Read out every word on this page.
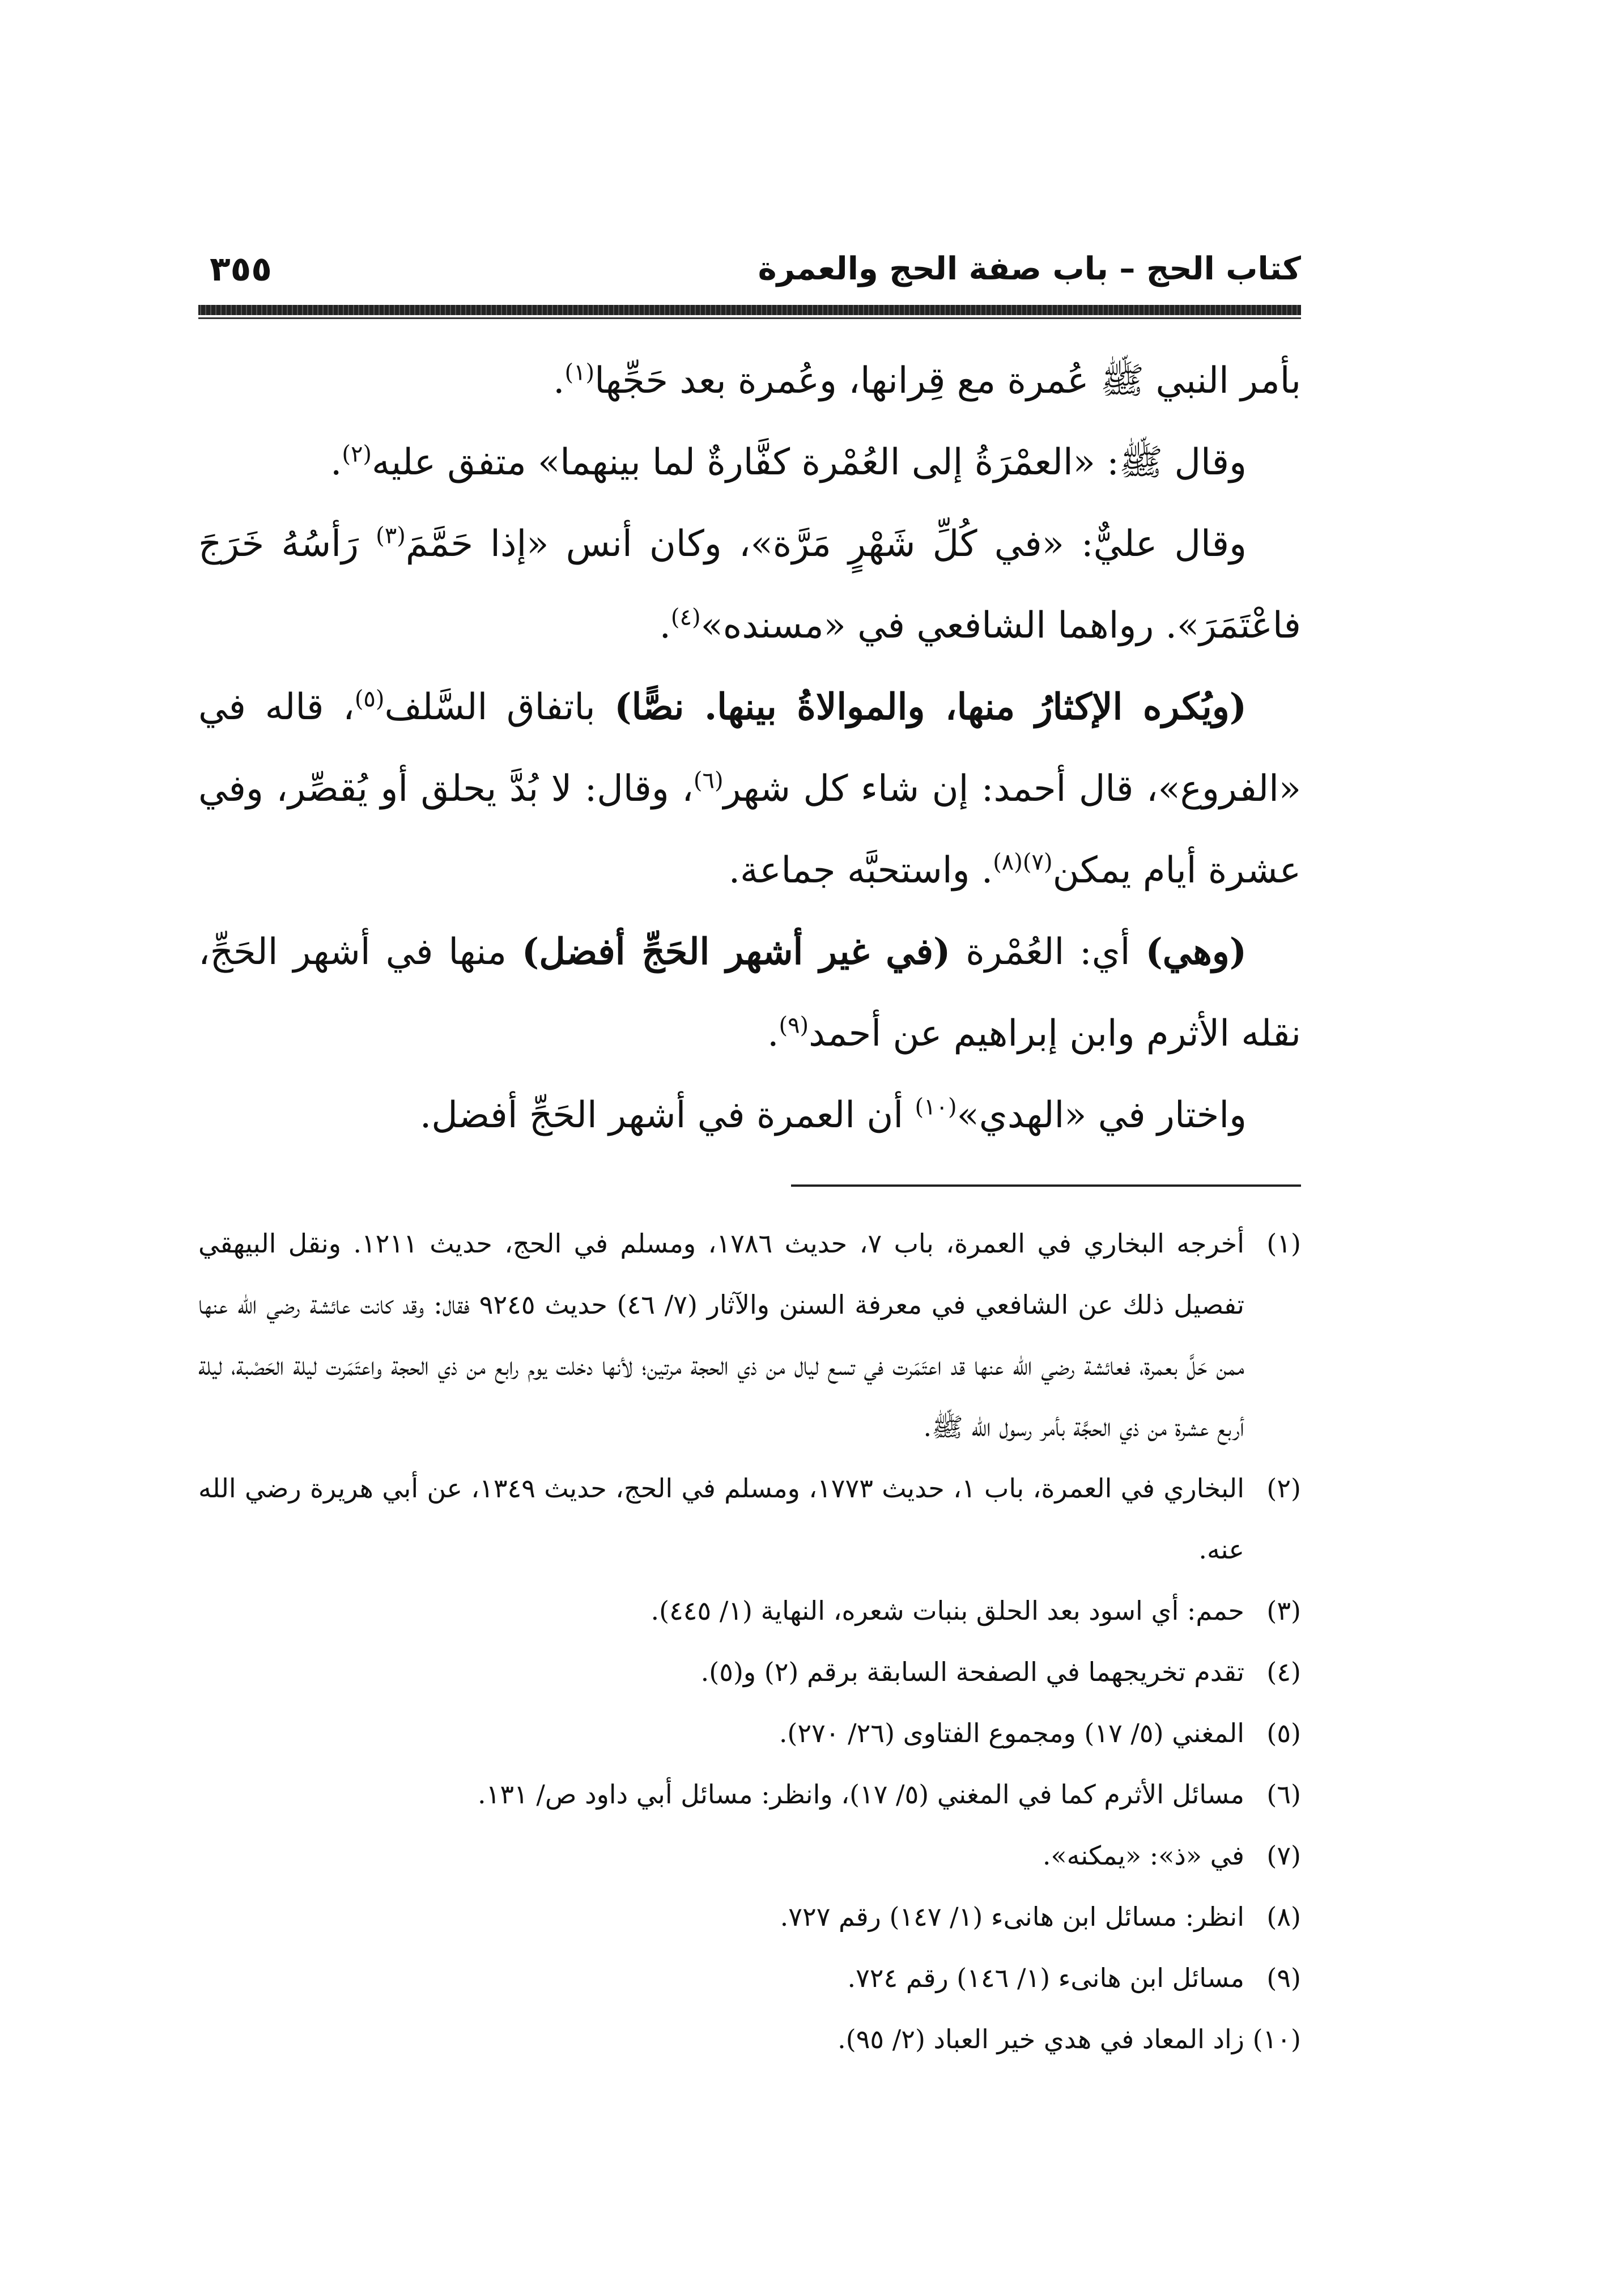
كتاب الحج – باب صفة الحج والعمرة
٣٥٥

بأمر النبي ﷺ عُمرة مع قِرانها، وعُمرة بعد حَجِّها$^{(١)}$.

وقال ﷺ: «العمْرَةُ إلى العُمْرة كفَّارةٌ لما بينهما» متفق عليه$^{(٢)}$.

وقال عليٌّ: «في كُلِّ شَهْرٍ مَرَّة»، وكان أنس «إذا حَمَّمَ$^{(٣)}$ رَأسُهُ خَرَجَ فاعْتَمَرَ». رواهما الشافعي في «مسنده»$^{(٤)}$.

(ويُكره الإكثارُ منها، والموالاةُ بينها. نصًّا) باتفاق السَّلف$^{(٥)}$، قاله في «الفروع»، قال أحمد: إن شاء كل شهر$^{(٦)}$، وقال: لا بُدَّ يحلق أو يُقصِّر، وفي عشرة أيام يمكن$^{(٧)(٨)}$. واستحبَّه جماعة.

(وهي) أي: العُمْرة (في غير أشهر الحَجِّ أفضل) منها في أشهر الحَجِّ، نقله الأثرم وابن إبراهيم عن أحمد$^{(٩)}$.

واختار في «الهدي»$^{(١٠)}$ أن العمرة في أشهر الحَجِّ أفضل.

(١)أخرجه البخاري في العمرة، باب ٧، حديث ١٧٨٦، ومسلم في الحج، حديث ١٢١١. ونقل البيهقي تفصيل ذلك عن الشافعي في معرفة السنن والآثار (٧/ ٤٦) حديث ٩٢٤٥ فقال: وقد كانت عائشة رضي الله عنها ممن حَلَّ بعمرة، فعائشة رضي الله عنها قد اعتَمَرت في تسع ليال من ذي الحجة مرتين؛ لأنها دخلت يوم رابع من ذي الحجة واعتَمَرت ليلة الحَصْبة، ليلة أربع عشرة من ذي الحجَّة بأمر رسول الله ﷺ.

(٢)البخاري في العمرة، باب ١، حديث ١٧٧٣، ومسلم في الحج، حديث ١٣٤٩، عن أبي هريرة رضي الله عنه.

(٣)حمم: أي اسود بعد الحلق بنبات شعره، النهاية (١/ ٤٤٥).

(٤)تقدم تخريجهما في الصفحة السابقة برقم (٢) و(٥).

(٥)المغني (٥/ ١٧) ومجموع الفتاوى (٢٦/ ٢٧٠).

(٦)مسائل الأثرم كما في المغني (٥/ ١٧)، وانظر: مسائل أبي داود ص/ ١٣١.

(٧)في «ذ»: «يمكنه».

(٨)انظر: مسائل ابن هانىء (١/ ١٤٧) رقم ٧٢٧.

(٩)مسائل ابن هانىء (١/ ١٤٦) رقم ٧٢٤.

(١٠)زاد المعاد في هدي خير العباد (٢/ ٩٥).
